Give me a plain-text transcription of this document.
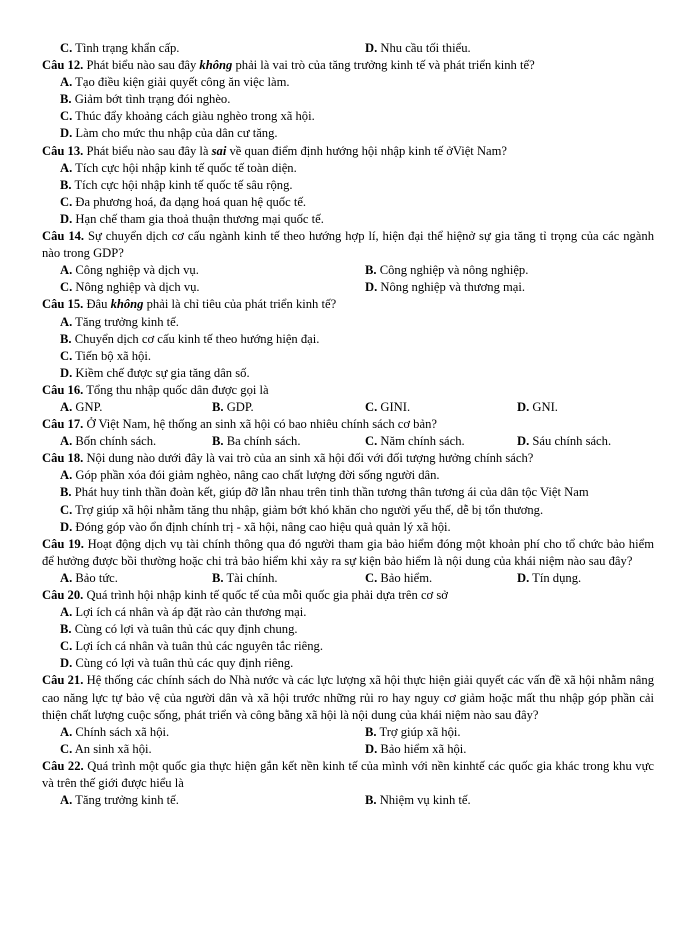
C. Tình trạng khẩn cấp.	D. Nhu cầu tối thiểu.
Câu 12. Phát biểu nào sau đây không phải là vai trò của tăng trưởng kinh tế và phát triển kinh tế?
A. Tạo điều kiện giải quyết công ăn việc làm.
B. Giảm bớt tình trạng đói nghèo.
C. Thúc đẩy khoảng cách giàu nghèo trong xã hội.
D. Làm cho mức thu nhập của dân cư tăng.
Câu 13. Phát biểu nào sau đây là sai về quan điểm định hướng hội nhập kinh tế ởViệt Nam?
A. Tích cực hội nhập kinh tế quốc tế toàn diện.
B. Tích cực hội nhập kinh tế quốc tế sâu rộng.
C. Đa phương hoá, đa dạng hoá quan hệ quốc tế.
D. Hạn chế tham gia thoả thuận thương mại quốc tế.
Câu 14. Sự chuyển dịch cơ cấu ngành kinh tế theo hướng hợp lí, hiện đại thể hiệnở sự gia tăng tỉ trọng của các ngành nào trong GDP?
A. Công nghiệp và dịch vụ.	B. Công nghiệp và nông nghiệp.
C. Nông nghiệp và dịch vụ.	D. Nông nghiệp và thương mại.
Câu 15. Đâu không phải là chỉ tiêu của phát triển kinh tế?
A. Tăng trưởng kinh tế.
B. Chuyển dịch cơ cấu kinh tế theo hướng hiện đại.
C. Tiến bộ xã hội.
D. Kiềm chế được sự gia tăng dân số.
Câu 16. Tổng thu nhập quốc dân được gọi là
A. GNP.	B. GDP.	C. GINI.	D. GNI.
Câu 17. Ở Việt Nam, hệ thống an sinh xã hội có bao nhiêu chính sách cơ bản?
A. Bốn chính sách.	B. Ba chính sách.	C. Năm chính sách.	D. Sáu chính sách.
Câu 18. Nội dung nào dưới đây là vai trò của an sinh xã hội đối với đối tượng hưởng chính sách?
A. Góp phần xóa đói giảm nghèo, nâng cao chất lượng đời sống người dân.
B. Phát huy tinh thần đoàn kết, giúp đỡ lẫn nhau trên tinh thần tương thân tương ái của dân tộc Việt Nam
C. Trợ giúp xã hội nhằm tăng thu nhập, giảm bớt khó khăn cho người yếu thế, dễ bị tổn thương.
D. Đóng góp vào ổn định chính trị - xã hội, nâng cao hiệu quả quản lý xã hội.
Câu 19. Hoạt động dịch vụ tài chính thông qua đó người tham gia bảo hiểm đóng một khoản phí cho tổ chức bảo hiểm để hưởng được bồi thường hoặc chi trả bảo hiểm khi xảy ra sự kiện bảo hiểm là nội dung của khái niệm nào sau đây?
A. Bảo tức.	B. Tài chính.	C. Bảo hiểm.	D. Tín dụng.
Câu 20. Quá trình hội nhập kinh tế quốc tế của mỗi quốc gia phải dựa trên cơ sở
A. Lợi ích cá nhân và áp đặt rào cản thương mại.
B. Cùng có lợi và tuân thủ các quy định chung.
C. Lợi ích cá nhân và tuân thủ các nguyên tắc riêng.
D. Cùng có lợi và tuân thủ các quy định riêng.
Câu 21. Hệ thống các chính sách do Nhà nước và các lực lượng xã hội thực hiện giải quyết các vấn đề xã hội nhằm nâng cao năng lực tự bảo vệ của người dân và xã hội trước những rủi ro hay nguy cơ giảm hoặc mất thu nhập góp phần cải thiện chất lượng cuộc sống, phát triển và công bằng xã hội là nội dung của khái niệm nào sau đây?
A. Chính sách xã hội.	B. Trợ giúp xã hội.
C. An sinh xã hội.	D. Bảo hiểm xã hội.
Câu 22. Quá trình một quốc gia thực hiện gắn kết nền kinh tế của mình với nền kinhtế các quốc gia khác trong khu vực và trên thế giới được hiểu là
A. Tăng trưởng kinh tế.	B. Nhiệm vụ kinh tế.
